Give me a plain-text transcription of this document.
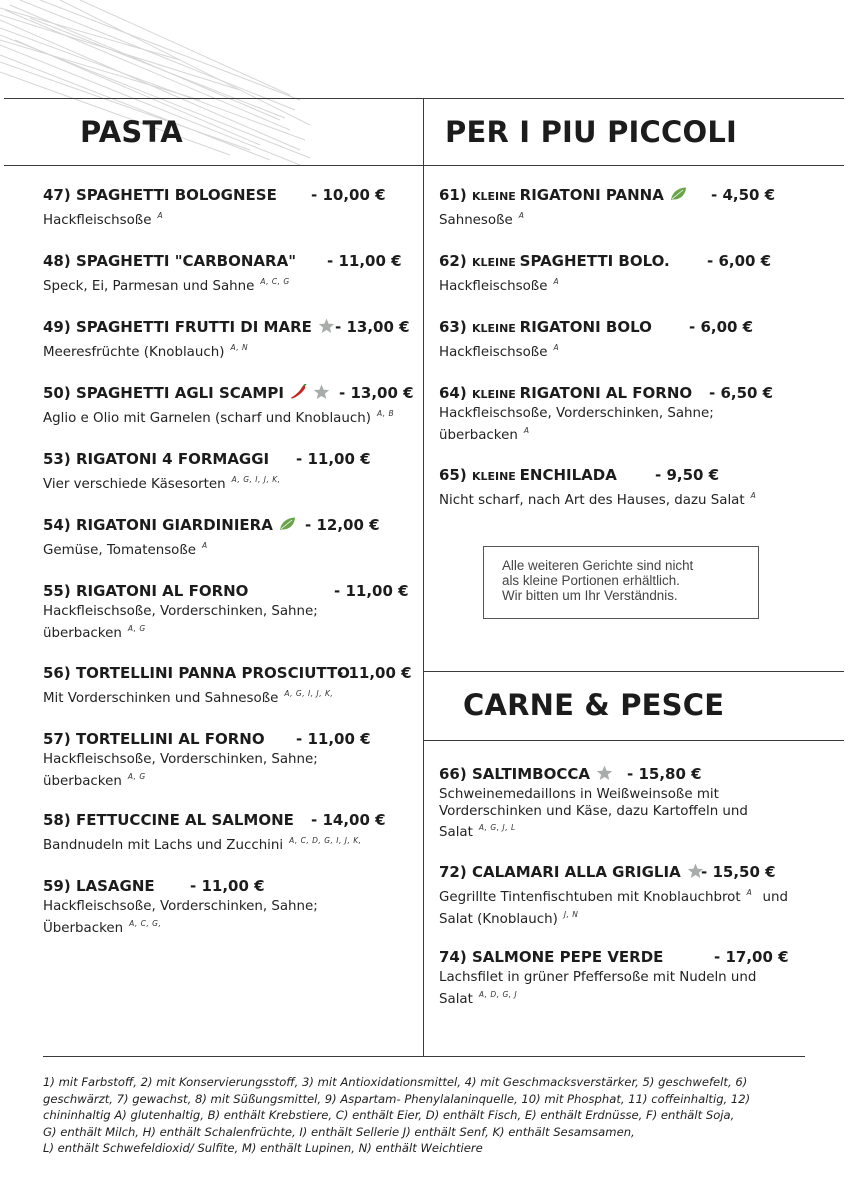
PASTA	PER I PIU PICCOLI
CARNE & PESCE
47) SPAGHETTI BOLOGNESE - 10,00 €
Hackfleischsoße $^A$
48) SPAGHETTI "CARBONARA" - 11,00 €
Speck, Ei, Parmesan und Sahne $^{A, C, G}$
49) SPAGHETTI FRUTTI DI MARE - 13,00 €
Meeresfrüchte (Knoblauch) $^{A, N}$
50) SPAGHETTI AGLI SCAMPI	- 13,00 €
Aglio e Olio mit Garnelen (scharf und Knoblauch) $^{A, B}$
53) RIGATONI 4 FORMAGGI - 11,00 €
Vier verschiede Käsesorten $^{A, G, I, J, K,}$
54) RIGATONI GIARDINIERA - 12,00 €
Gemüse, Tomatensoße $^A$
55) RIGATONI AL FORNO	- 11,00 €
Hackfleischsoße, Vorderschinken, Sahne;
überbacken $^{A, G}$
56) TORTELLINI PANNA PROSCIUTTO
- 11,00 €
Mit Vorderschinken und Sahnesoße $^{A, G, I, J, K,}$
57) TORTELLINI AL FORNO - 11,00 €
Hackfleischsoße, Vorderschinken, Sahne;
überbacken $^{A, G}$
58) FETTUCCINE AL SALMONE - 14,00 €
Bandnudeln mit Lachs und Zucchini $^{A, C, D, G, I, J, K,}$
59) LASAGNE - 11,00 €
Hackfleischsoße, Vorderschinken, Sahne;
Überbacken $^{A, C, G,}$
61) KLEINE RIGATONI PANNA	- 4,50 €
Sahnesoße $^A$
62) KLEINE SPAGHETTI BOLO. - 6,00 €
Hackfleischsoße $^A$
63) KLEINE RIGATONI BOLO - 6,00 €
Hackfleischsoße $^A$
64) KLEINE RIGATONI AL FORNO - 6,50 €
Hackfleischsoße, Vorderschinken, Sahne;
überbacken $^A$
65) KLEINE ENCHILADA	- 9,50 €
Nicht scharf, nach Art des Hauses, dazu Salat $^A$
66) SALTIMBOCCA - 15,80 €
Schweinemedaillons in Weißweinsoße mit
Vorderschinken und Käse, dazu Kartoffeln und
Salat $^{A, G, J, L}$
72) CALAMARI ALLA GRIGLIA - 15,50 €
Gegrillte Tintenfischtuben mit Knoblauchbrot $^A$ und
Salat (Knoblauch) $^{J, N}$
74) SALMONE PEPE VERDE	- 17,00 €
Lachsfilet in grüner Pfeffersoße mit Nudeln und
Salat $^{A, D, G, J}$
Alle weiteren Gerichte sind nicht
als kleine Portionen erhältlich.
Wir bitten um Ihr Verständnis.
1) mit Farbstoff, 2) mit Konservierungsstoff, 3) mit Antioxidationsmittel, 4) mit Geschmacksverstärker, 5) geschwefelt, 6)
geschwärzt, 7) gewachst, 8) mit Süßungsmittel, 9) Aspartam- Phenylalaninquelle, 10) mit Phosphat, 11) coffeinhaltig, 12)
chininhaltig A) glutenhaltig, B) enthält Krebstiere, C) enthält Eier, D) enthält Fisch, E) enthält Erdnüsse, F) enthält Soja,
G) enthält Milch, H) enthält Schalenfrüchte, I) enthält Sellerie J) enthält Senf, K) enthält Sesamsamen,
L) enthält Schwefeldioxid/ Sulfite, M) enthält Lupinen, N) enthält Weichtiere
